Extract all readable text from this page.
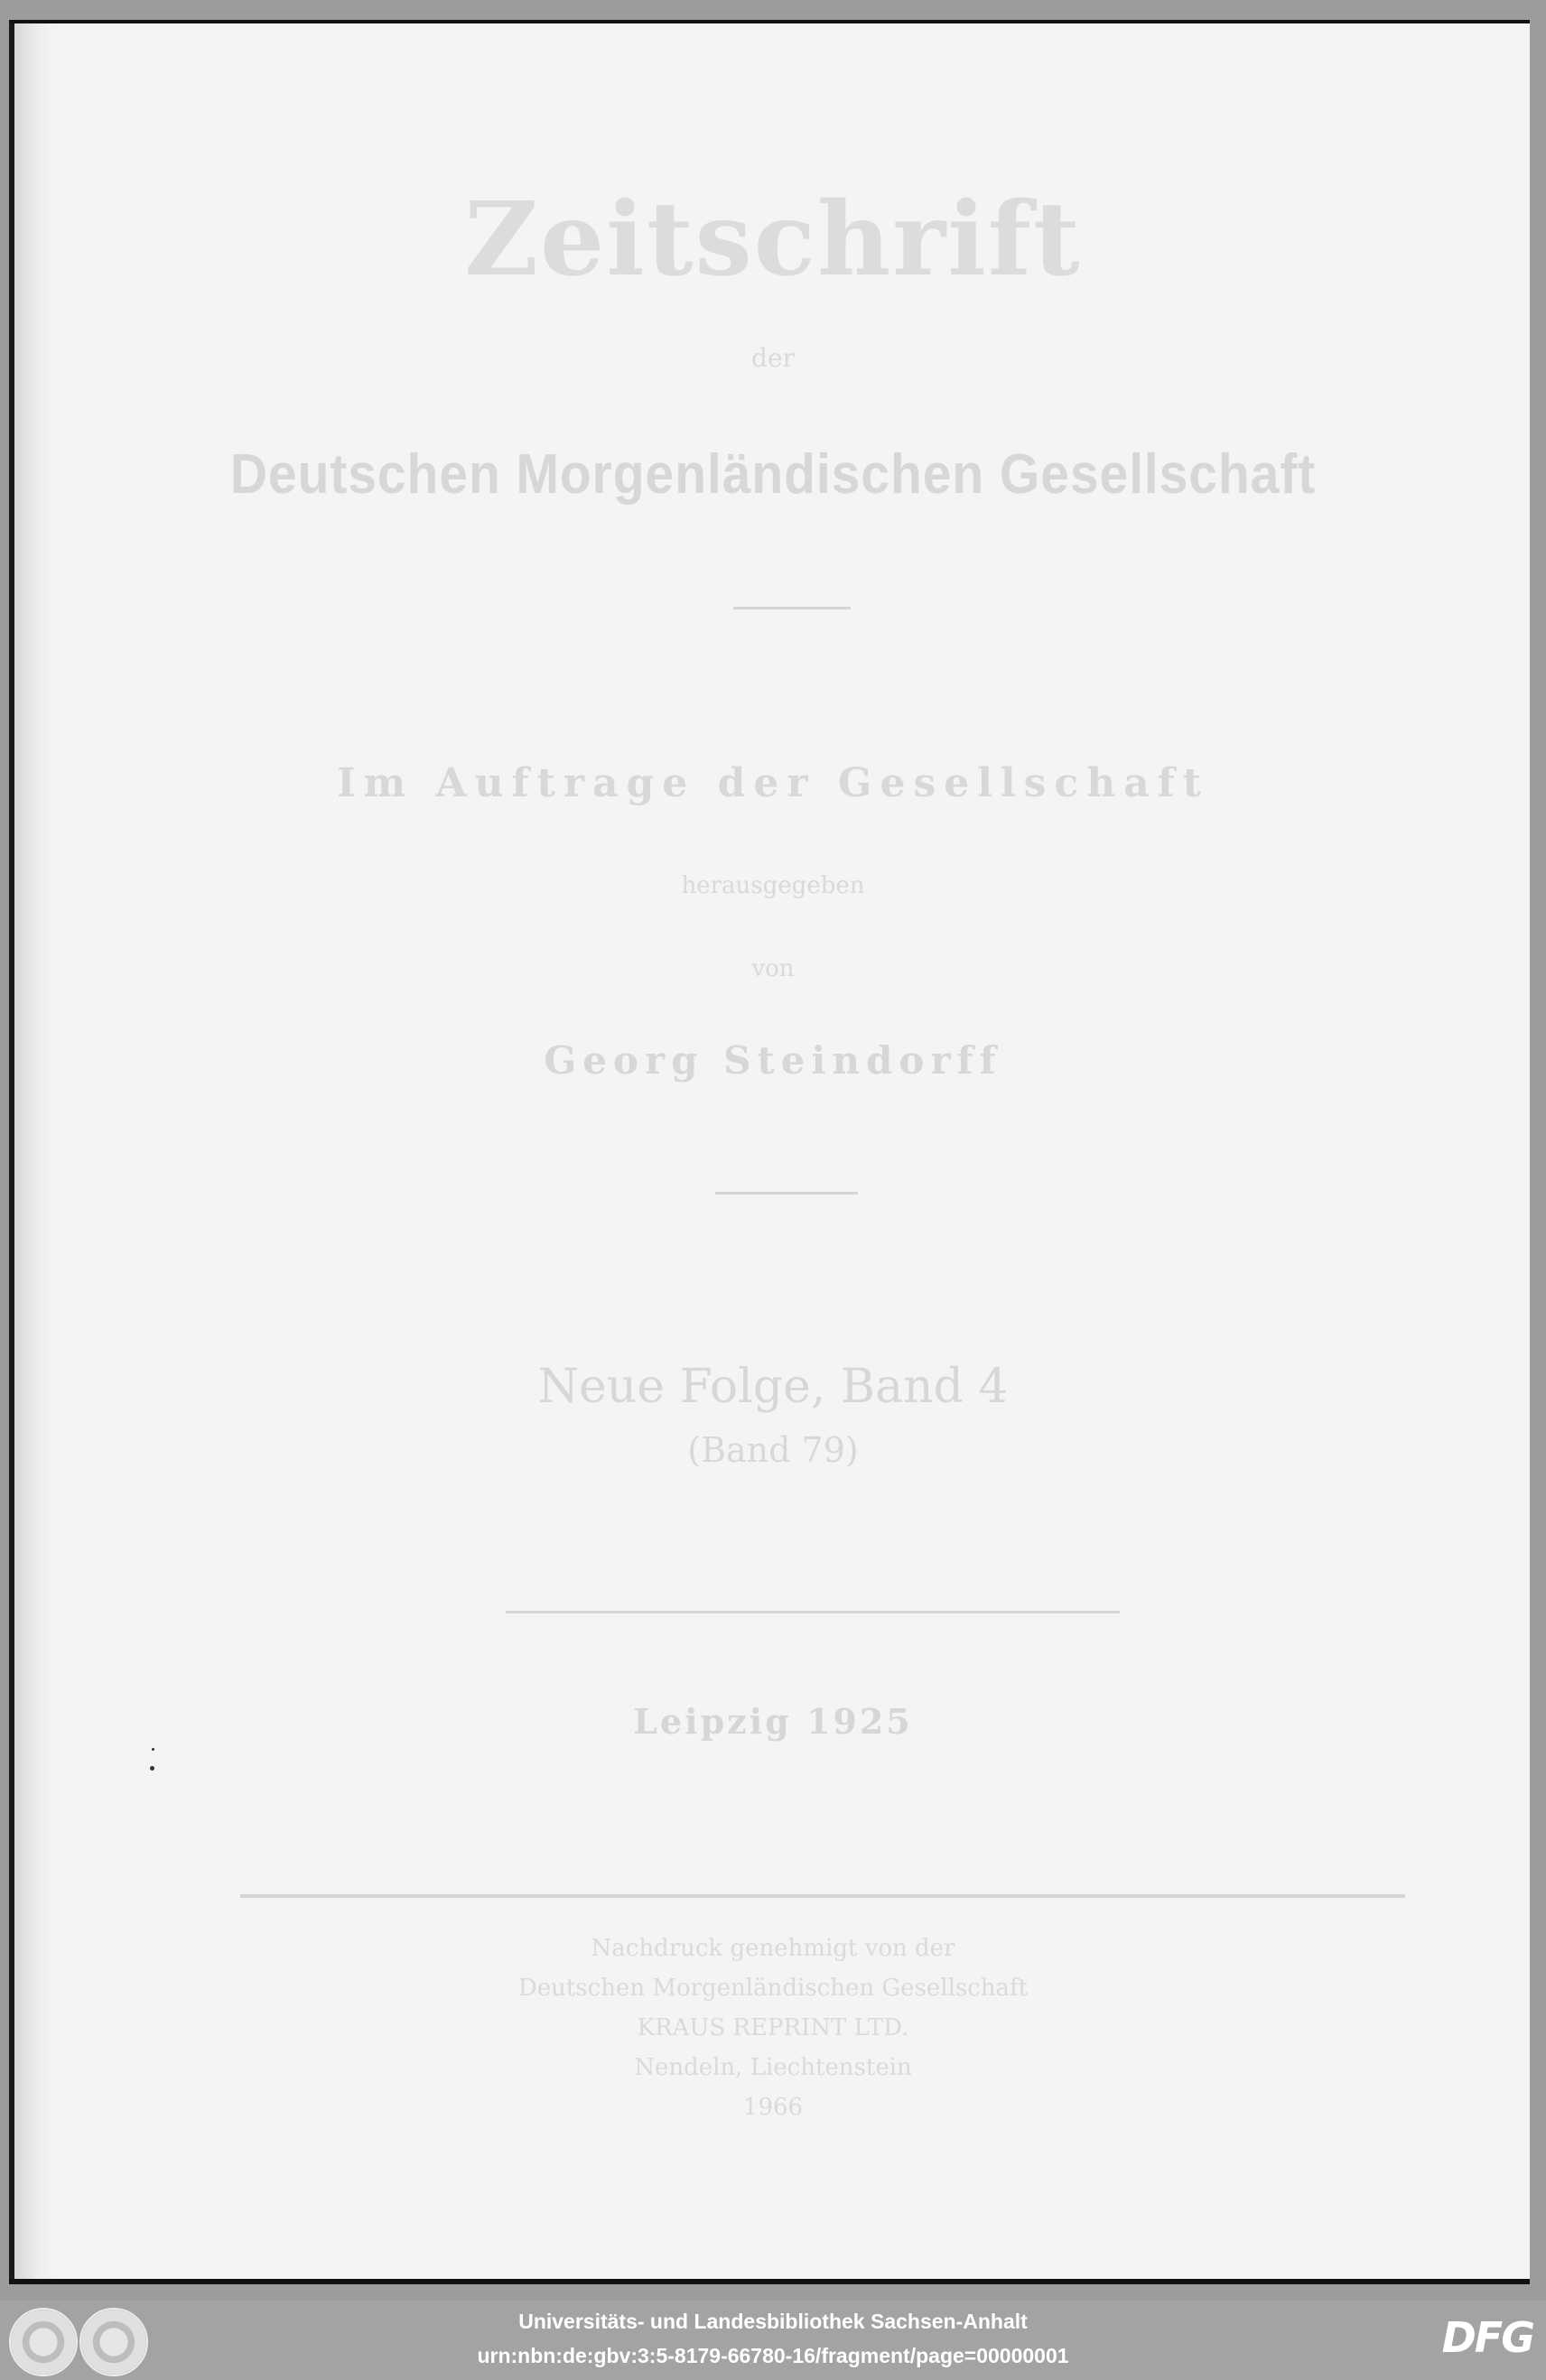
Zeitschrift

der

Deutschen Morgenländischen Gesellschaft

Im Auftrage der Gesellschaft

herausgegeben

von

Georg Steindorff

Neue Folge, Band 4

(Band 79)

Leipzig 1925

Nachdruck genehmigt von der
Deutschen Morgenländischen Gesellschaft
KRAUS REPRINT LTD.
Nendeln, Liechtenstein
1966
Universitäts- und Landesbibliothek Sachsen-Anhalt
urn:nbn:de:gbv:3:5-8179-66780-16/fragment/page=00000001	DFG
